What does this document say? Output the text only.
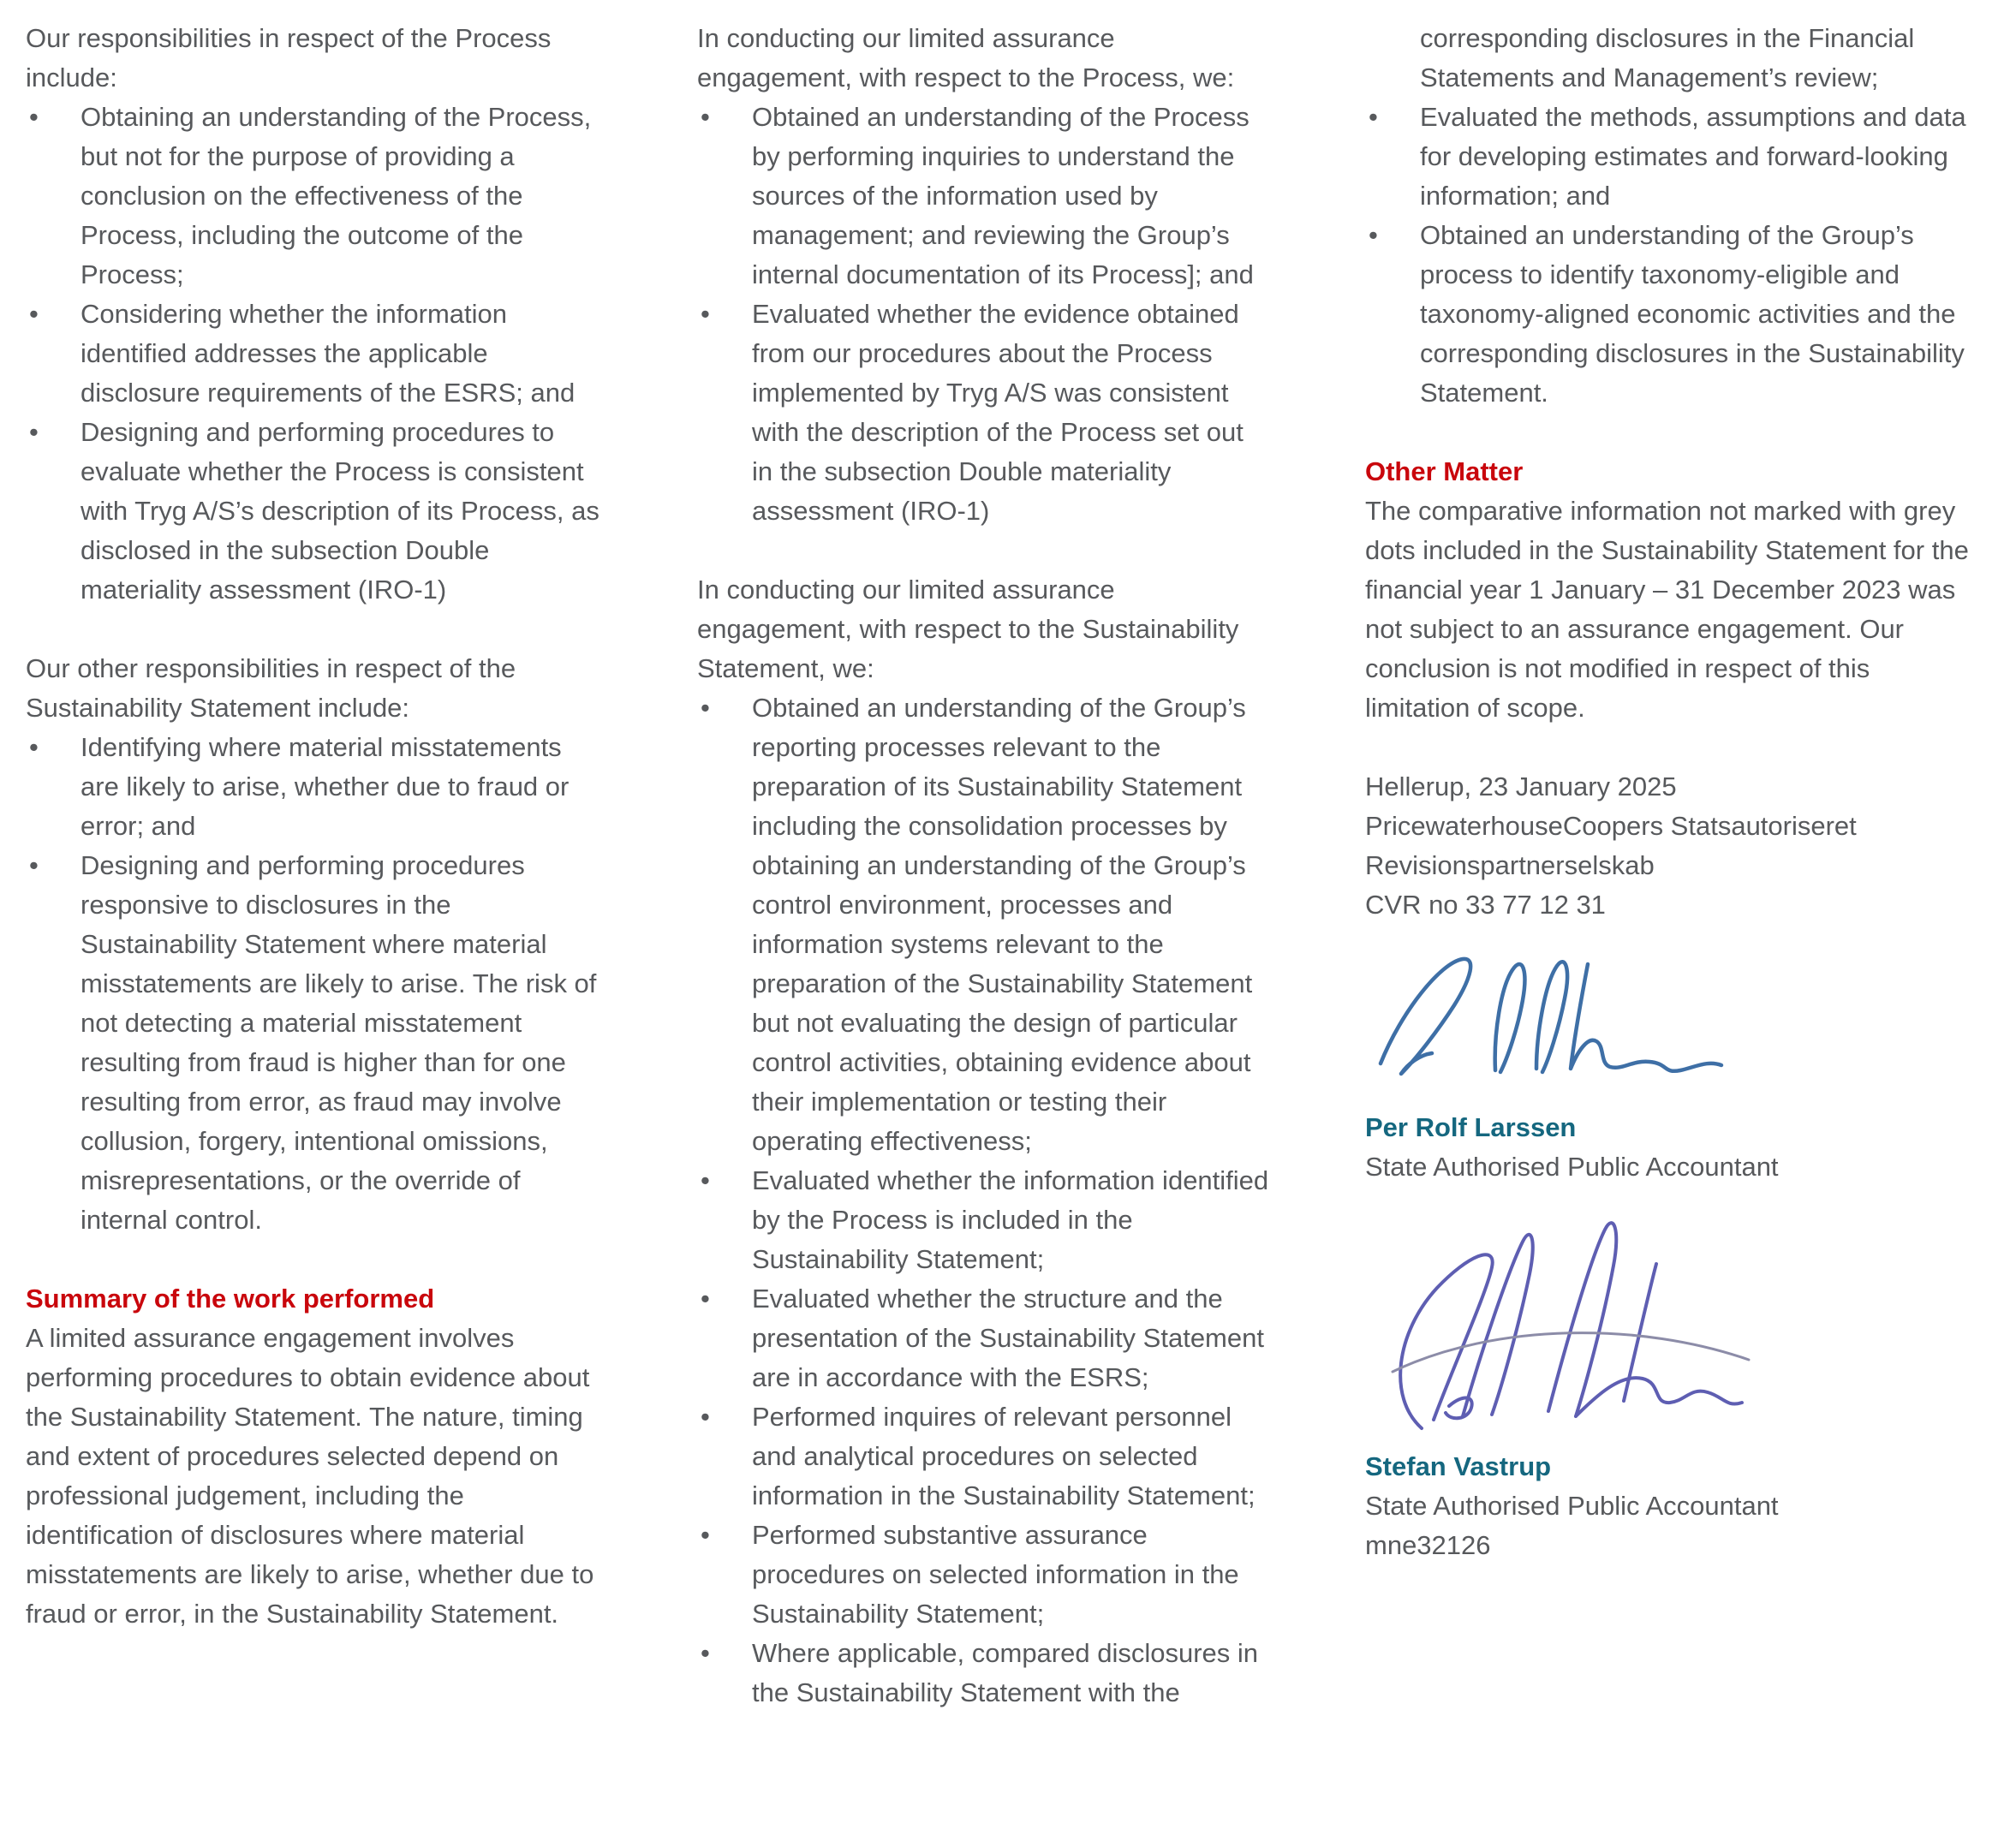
Our responsibilities in respect of the Process include:

•	Obtaining an understanding of the Process, but not for the purpose of providing a conclusion on the effectiveness of the Process, including the outcome of the Process;
•	Considering whether the information identified addresses the applicable disclosure requirements of the ESRS; and
•	Designing and performing procedures to evaluate whether the Process is consistent with Tryg A/S’s description of its Process, as disclosed in the subsection Double materiality assessment (IRO-1)

Our other responsibilities in respect of the Sustainability Statement include:

•	Identifying where material misstatements are likely to arise, whether due to fraud or error; and
•	Designing and performing procedures responsive to disclosures in the Sustainability Statement where material misstatements are likely to arise. The risk of not detecting a material misstatement resulting from fraud is higher than for one resulting from error, as fraud may involve collusion, forgery, intentional omissions, misrepresentations, or the override of internal control.
Summary of the work performed

A limited assurance engagement involves performing procedures to obtain evidence about the Sustainability Statement. The nature, timing and extent of procedures selected depend on professional judgement, including the identification of disclosures where material misstatements are likely to arise, whether due to fraud or error, in the Sustainability Statement.

In conducting our limited assurance engagement, with respect to the Process, we:

•	Obtained an understanding of the Process by performing inquiries to understand the sources of the information used by management; and reviewing the Group’s internal documentation of its Process]; and
•	Evaluated whether the evidence obtained from our procedures about the Process implemented by Tryg A/S was consistent with the description of the Process set out in the subsection Double materiality assessment (IRO-1)

In conducting our limited assurance engagement, with respect to the Sustainability Statement, we:

•	Obtained an understanding of the Group’s reporting processes relevant to the preparation of its Sustainability Statement including the consolidation processes by obtaining an understanding of the Group’s control environment, processes and information systems relevant to the preparation of the Sustainability Statement but not evaluating the design of particular control activities, obtaining evidence about their implementation or testing their operating effectiveness;
•	Evaluated whether the information identified by the Process is included in the Sustainability Statement;
•	Evaluated whether the structure and the presentation of the Sustainability Statement are in accordance with the ESRS;
•	Performed inquires of relevant personnel and analytical procedures on selected information in the Sustainability Statement;
•	Performed substantive assurance procedures on selected information in the Sustainability Statement;
•	Where applicable, compared disclosures in the Sustainability Statement with the

corresponding disclosures in the Financial Statements and Management’s review;

•	Evaluated the methods, assumptions and data for developing estimates and forward-looking information; and
•	Obtained an understanding of the Group’s process to identify taxonomy-eligible and taxonomy-aligned economic activities and the corresponding disclosures in the Sustainability Statement.
Other Matter

The comparative information not marked with grey dots included in the Sustainability Statement for the financial year 1 January – 31 December 2023 was not subject to an assurance engagement. Our conclusion is not modified in respect of this limitation of scope.

Hellerup, 23 January 2025

PricewaterhouseCoopers Statsautoriseret

Revisionspartnerselskab

CVR no 33 77 12 31

Per Rolf Larssen

State Authorised Public Accountant

Stefan Vastrup

State Authorised Public Accountant

mne32126
